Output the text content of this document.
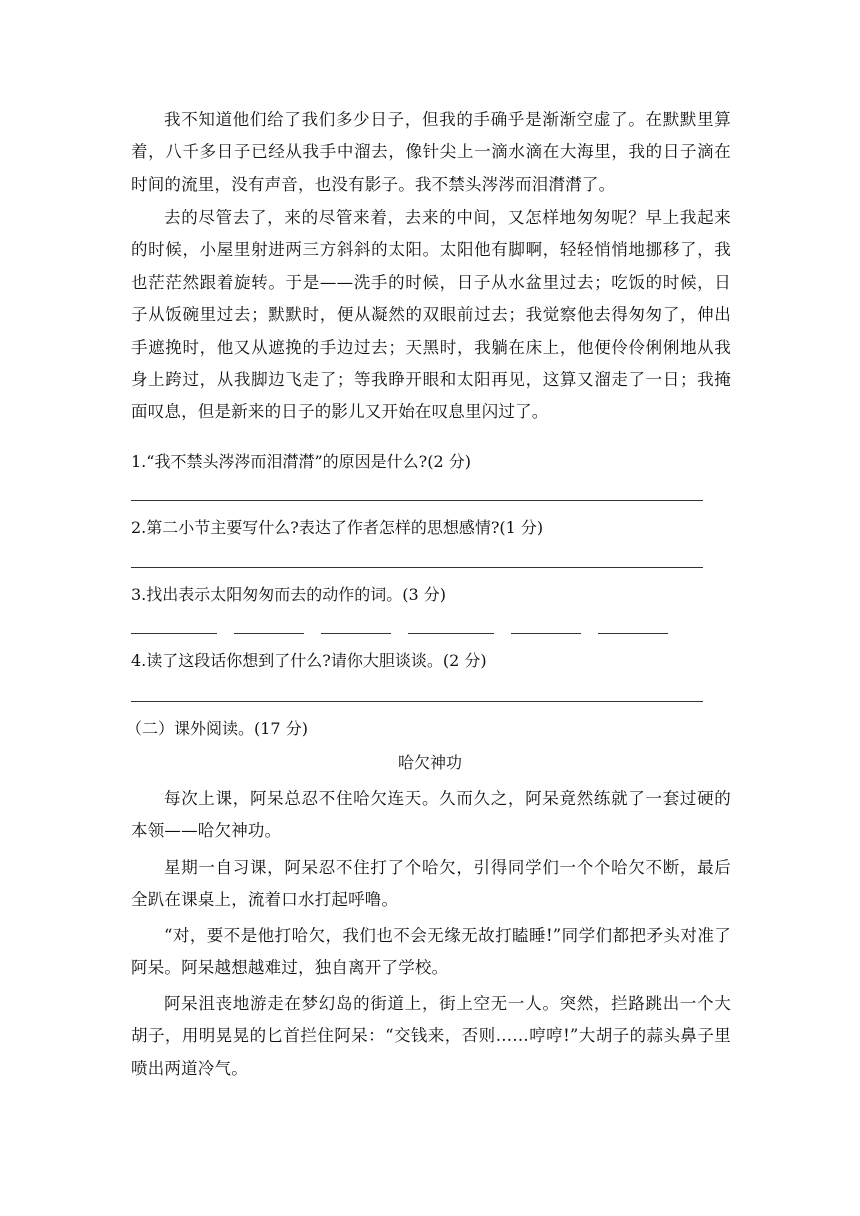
我不知道他们给了我们多少日子，但我的手确乎是渐渐空虚了。在默默里算着，八千多日子已经从我手中溜去，像针尖上一滴水滴在大海里，我的日子滴在时间的流里，没有声音，也没有影子。我不禁头涔涔而泪潸潸了。

去的尽管去了，来的尽管来着，去来的中间，又怎样地匆匆呢？早上我起来的时候，小屋里射进两三方斜斜的太阳。太阳他有脚啊，轻轻悄悄地挪移了，我也茫茫然跟着旋转。于是——洗手的时候，日子从水盆里过去；吃饭的时候，日子从饭碗里过去；默默时，便从凝然的双眼前过去；我觉察他去得匆匆了，伸出手遮挽时，他又从遮挽的手边过去；天黑时，我躺在床上，他便伶伶俐俐地从我身上跨过，从我脚边飞走了；等我睁开眼和太阳再见，这算又溜走了一日；我掩面叹息，但是新来的日子的影儿又开始在叹息里闪过了。

1.“我不禁头涔涔而泪潸潸”的原因是什么?(2 分)

2.第二小节主要写什么?表达了作者怎样的思想感情?(1 分)

3.找出表示太阳匆匆而去的动作的词。(3 分)

4.读了这段话你想到了什么?请你大胆谈谈。(2 分)

（二）课外阅读。(17 分)

哈欠神功

每次上课，阿呆总忍不住哈欠连天。久而久之，阿呆竟然练就了一套过硬的本领——哈欠神功。

星期一自习课，阿呆忍不住打了个哈欠，引得同学们一个个哈欠不断，最后全趴在课桌上，流着口水打起呼噜。

“对，要不是他打哈欠，我们也不会无缘无故打瞌睡!”同学们都把矛头对准了阿呆。阿呆越想越难过，独自离开了学校。

阿呆沮丧地游走在梦幻岛的街道上，街上空无一人。突然，拦路跳出一个大胡子，用明晃晃的匕首拦住阿呆：“交钱来，否则……哼哼!”大胡子的蒜头鼻子里喷出两道冷气。
